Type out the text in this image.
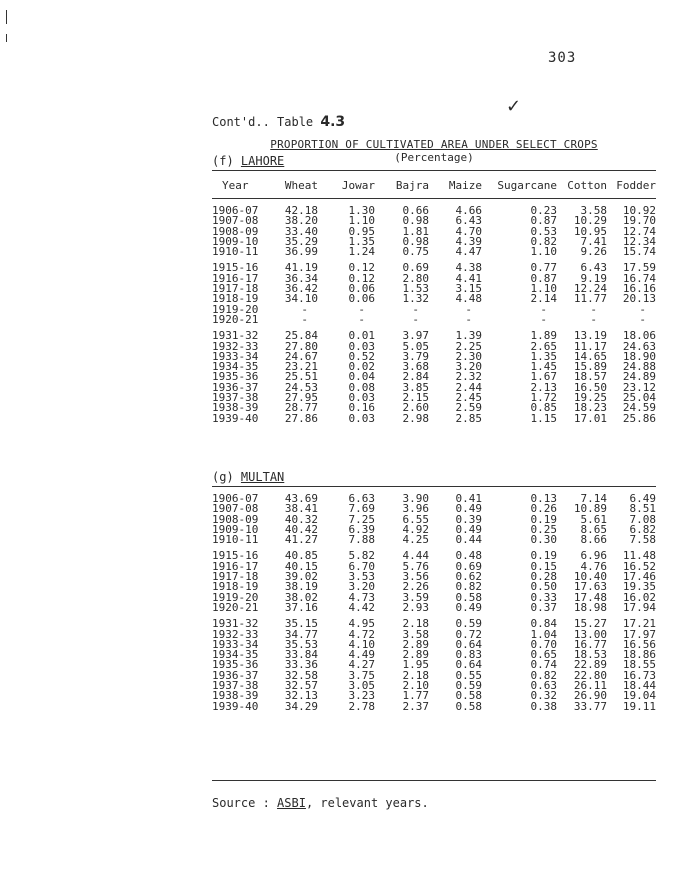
303
✓
Cont'd.. Table 4.3
PROPORTION OF CULTIVATED AREA UNDER SELECT CROPS
(Percentage)
(f) LAHORE
Year	Wheat Jowar Bajra Maize Sugarcane Cotton Fodder
1906-07 42.18	1.30	0.66 4.66	0.23 3.58 10.92
1907-08 38.20	1.10	0.98 6.43	0.87 10.29 19.70
1908-09 33.40	0.95	1.81 4.70	0.53 10.95 12.74
1909-10 35.29	1.35	0.98 4.39	0.82 7.41 12.34
1910-11 36.99	1.24	0.75 4.47	1.10 9.26 15.74
1915-16 41.19	0.12	0.69 4.38	0.77 6.43 17.59
1916-17 36.34	0.12	2.80 4.41	0.87 9.19 16.74
1917-18 36.42	0.06	1.53 3.15	1.10 12.24 16.16
1918-19 34.10	0.06	1.32 4.48	2.14 11.77 20.13
1919-20	-	-	-	-	-	-	-
1920-21	-	-	-	-	-	-	-
1931-32 25.84	0.01	3.97 1.39	1.89 13.19 18.06
1932-33 27.80	0.03	5.05 2.25	2.65 11.17 24.63
1933-34 24.67	0.52	3.79 2.30	1.35 14.65 18.90
1934-35 23.21	0.02	3.68 3.20	1.45 15.89 24.88
1935-36 25.51	0.04	2.84 2.32	1.67 18.57 24.89
1936-37 24.53	0.08	3.85 2.44	2.13 16.50 23.12
1937-38 27.95	0.03	2.15 2.45	1.72 19.25 25.04
1938-39 28.77	0.16	2.60 2.59	0.85 18.23 24.59
1939-40 27.86	0.03	2.98 2.85	1.15 17.01 25.86
(g) MULTAN
1906-07 43.69	6.63	3.90 0.41	0.13 7.14 6.49
1907-08 38.41	7.69	3.96 0.49	0.26 10.89 8.51
1908-09 40.32	7.25	6.55 0.39	0.19 5.61 7.08
1909-10 40.42	6.39	4.92 0.49	0.25 8.65 6.82
1910-11 41.27	7.88	4.25 0.44	0.30 8.66 7.58
1915-16 40.85	5.82	4.44 0.48	0.19 6.96 11.48
1916-17 40.15	6.70	5.76 0.69	0.15 4.76 16.52
1917-18 39.02	3.53	3.56 0.62	0.28 10.40 17.46
1918-19 38.19	3.20	2.26 0.82	0.50 17.63 19.35
1919-20 38.02	4.73	3.59 0.58	0.33 17.48 16.02
1920-21 37.16	4.42	2.93 0.49	0.37 18.98 17.94
1931-32 35.15	4.95	2.18 0.59	0.84 15.27 17.21
1932-33 34.77	4.72	3.58 0.72	1.04 13.00 17.97
1933-34 35.53	4.10	2.89 0.64	0.70 16.77 16.56
1934-35 33.84	4.49	2.89 0.83	0.65 18.53 18.86
1935-36 33.36	4.27	1.95 0.64	0.74 22.89 18.55
1936-37 32.58	3.75	2.18 0.55	0.82 22.80 16.73
1937-38 32.57	3.05	2.10 0.59	0.63 26.11 18.44
1938-39 32.13	3.23	1.77 0.58	0.32 26.90 19.04
1939-40 34.29	2.78	2.37 0.58	0.38 33.77 19.11
Source : ASBI, relevant years.
